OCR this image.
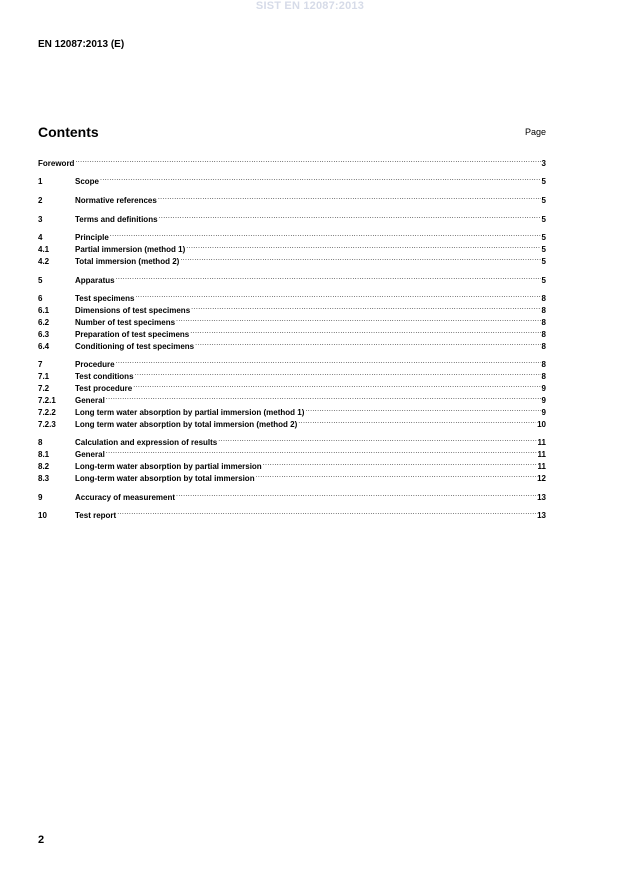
SIST EN 12087:2013
EN 12087:2013 (E)
Contents	Page
Foreword .....	3
1	Scope .....	5
2	Normative references .....	5
3	Terms and definitions .....	5
4	Principle .....	5
4.1	Partial immersion (method 1) .....	5
4.2	Total immersion (method 2) .....	5
5	Apparatus .....	5
6	Test specimens .....	8
6.1	Dimensions of test specimens .....	8
6.2	Number of test specimens .....	8
6.3	Preparation of test specimens .....	8
6.4	Conditioning of test specimens .....	8
7	Procedure .....	8
7.1	Test conditions .....	8
7.2	Test procedure .....	9
7.2.1	General .....	9
7.2.2	Long term water absorption by partial immersion (method 1) .....	9
7.2.3	Long term water absorption by total immersion (method 2) .....	10
8	Calculation and expression of results .....	11
8.1	General .....	11
8.2	Long-term water absorption by partial immersion .....	11
8.3	Long-term water absorption by total immersion .....	12
9	Accuracy of measurement .....	13
10	Test report .....	13
2
